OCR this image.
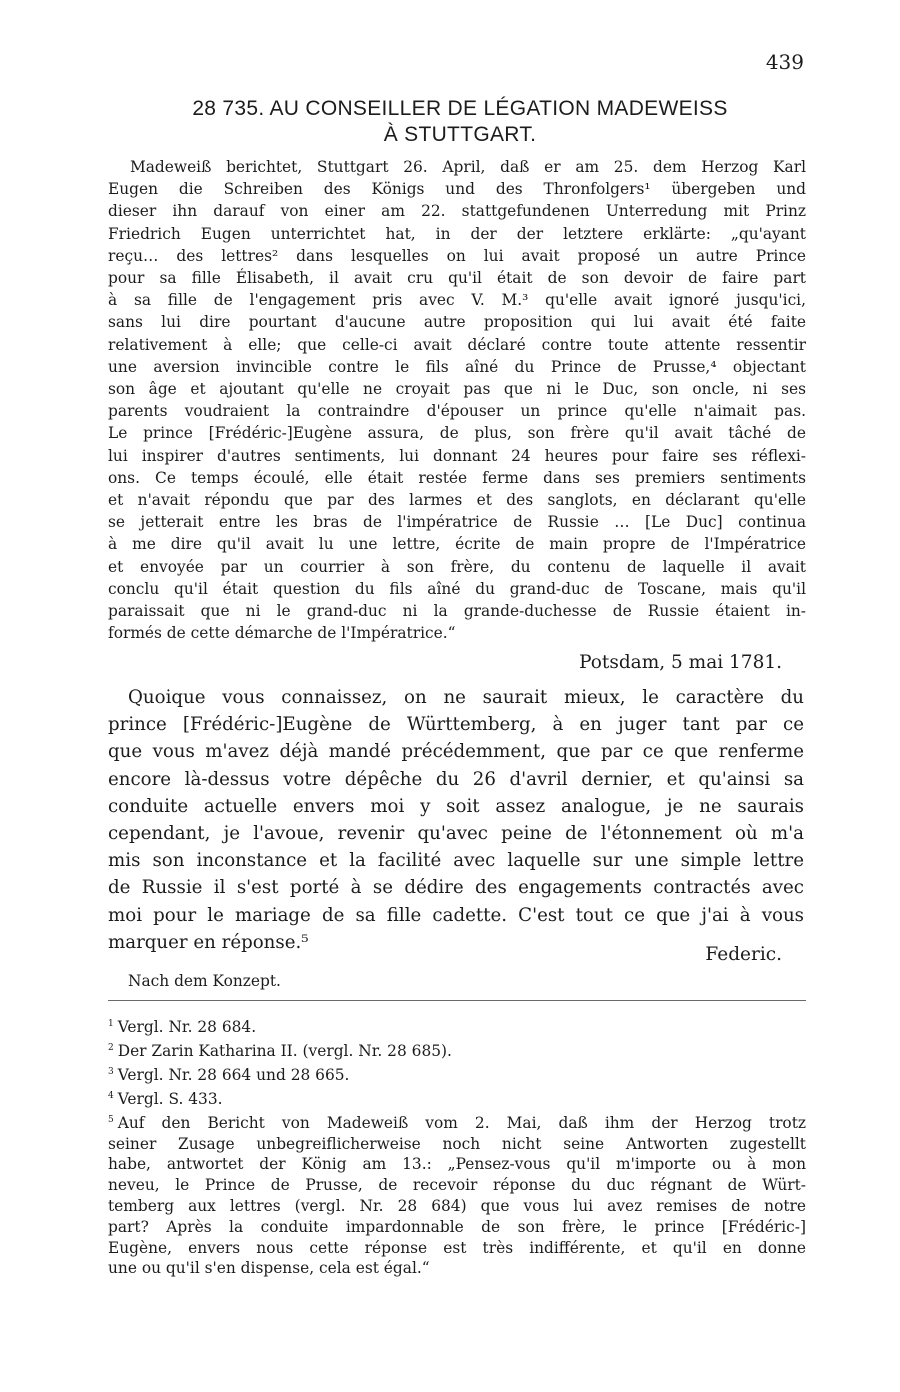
439
28 735. AU CONSEILLER DE LÉGATION MADEWEISS
À STUTTGART.
Madeweiß berichtet, Stuttgart 26. April, daß er am 25. dem Herzog Karl
Eugen die Schreiben des Königs und des Thronfolgers¹ übergeben und
dieser ihn darauf von einer am 22. stattgefundenen Unterredung mit Prinz
Friedrich Eugen unterrichtet hat, in der der letztere erklärte: „qu'ayant
reçu… des lettres² dans lesquelles on lui avait proposé un autre Prince
pour sa fille Élisabeth, il avait cru qu'il était de son devoir de faire part
à sa fille de l'engagement pris avec V. M.³ qu'elle avait ignoré jusqu'ici,
sans lui dire pourtant d'aucune autre proposition qui lui avait été faite
relativement à elle; que celle-ci avait déclaré contre toute attente ressentir
une aversion invincible contre le fils aîné du Prince de Prusse,⁴ objectant
son âge et ajoutant qu'elle ne croyait pas que ni le Duc, son oncle, ni ses
parents voudraient la contraindre d'épouser un prince qu'elle n'aimait pas.
Le prince [Frédéric-]Eugène assura, de plus, son frère qu'il avait tâché de
lui inspirer d'autres sentiments, lui donnant 24 heures pour faire ses réflexi-
ons. Ce temps écoulé, elle était restée ferme dans ses premiers sentiments
et n'avait répondu que par des larmes et des sanglots, en déclarant qu'elle
se jetterait entre les bras de l'impératrice de Russie … [Le Duc] continua
à me dire qu'il avait lu une lettre, écrite de main propre de l'Impératrice
et envoyée par un courrier à son frère, du contenu de laquelle il avait
conclu qu'il était question du fils aîné du grand-duc de Toscane, mais qu'il
paraissait que ni le grand-duc ni la grande-duchesse de Russie étaient in-
formés de cette démarche de l'Impératrice.“
Potsdam, 5 mai 1781.
Quoique vous connaissez, on ne saurait mieux, le caractère du
prince [Frédéric-]Eugène de Württemberg, à en juger tant par ce
que vous m'avez déjà mandé précédemment, que par ce que renferme
encore là-dessus votre dépêche du 26 d'avril dernier, et qu'ainsi sa
conduite actuelle envers moi y soit assez analogue, je ne saurais
cependant, je l'avoue, revenir qu'avec peine de l'étonnement où m'a
mis son inconstance et la facilité avec laquelle sur une simple lettre
de Russie il s'est porté à se dédire des engagements contractés avec
moi pour le mariage de sa fille cadette. C'est tout ce que j'ai à vous
marquer en réponse.⁵
Federic.
Nach dem Konzept.
$^1$ Vergl. Nr. 28 684.
$^2$ Der Zarin Katharina II. (vergl. Nr. 28 685).
$^3$ Vergl. Nr. 28 664 und 28 665.
$^4$ Vergl. S. 433.
$^5$ Auf den Bericht von Madeweiß vom 2. Mai, daß ihm der Herzog trotz
seiner Zusage unbegreiflicherweise noch nicht seine Antworten zugestellt
habe, antwortet der König am 13.: „Pensez-vous qu'il m'importe ou à mon
neveu, le Prince de Prusse, de recevoir réponse du duc régnant de Würt-
temberg aux lettres (vergl. Nr. 28 684) que vous lui avez remises de notre
part? Après la conduite impardonnable de son frère, le prince [Frédéric-]
Eugène, envers nous cette réponse est très indifférente, et qu'il en donne
une ou qu'il s'en dispense, cela est égal.“
